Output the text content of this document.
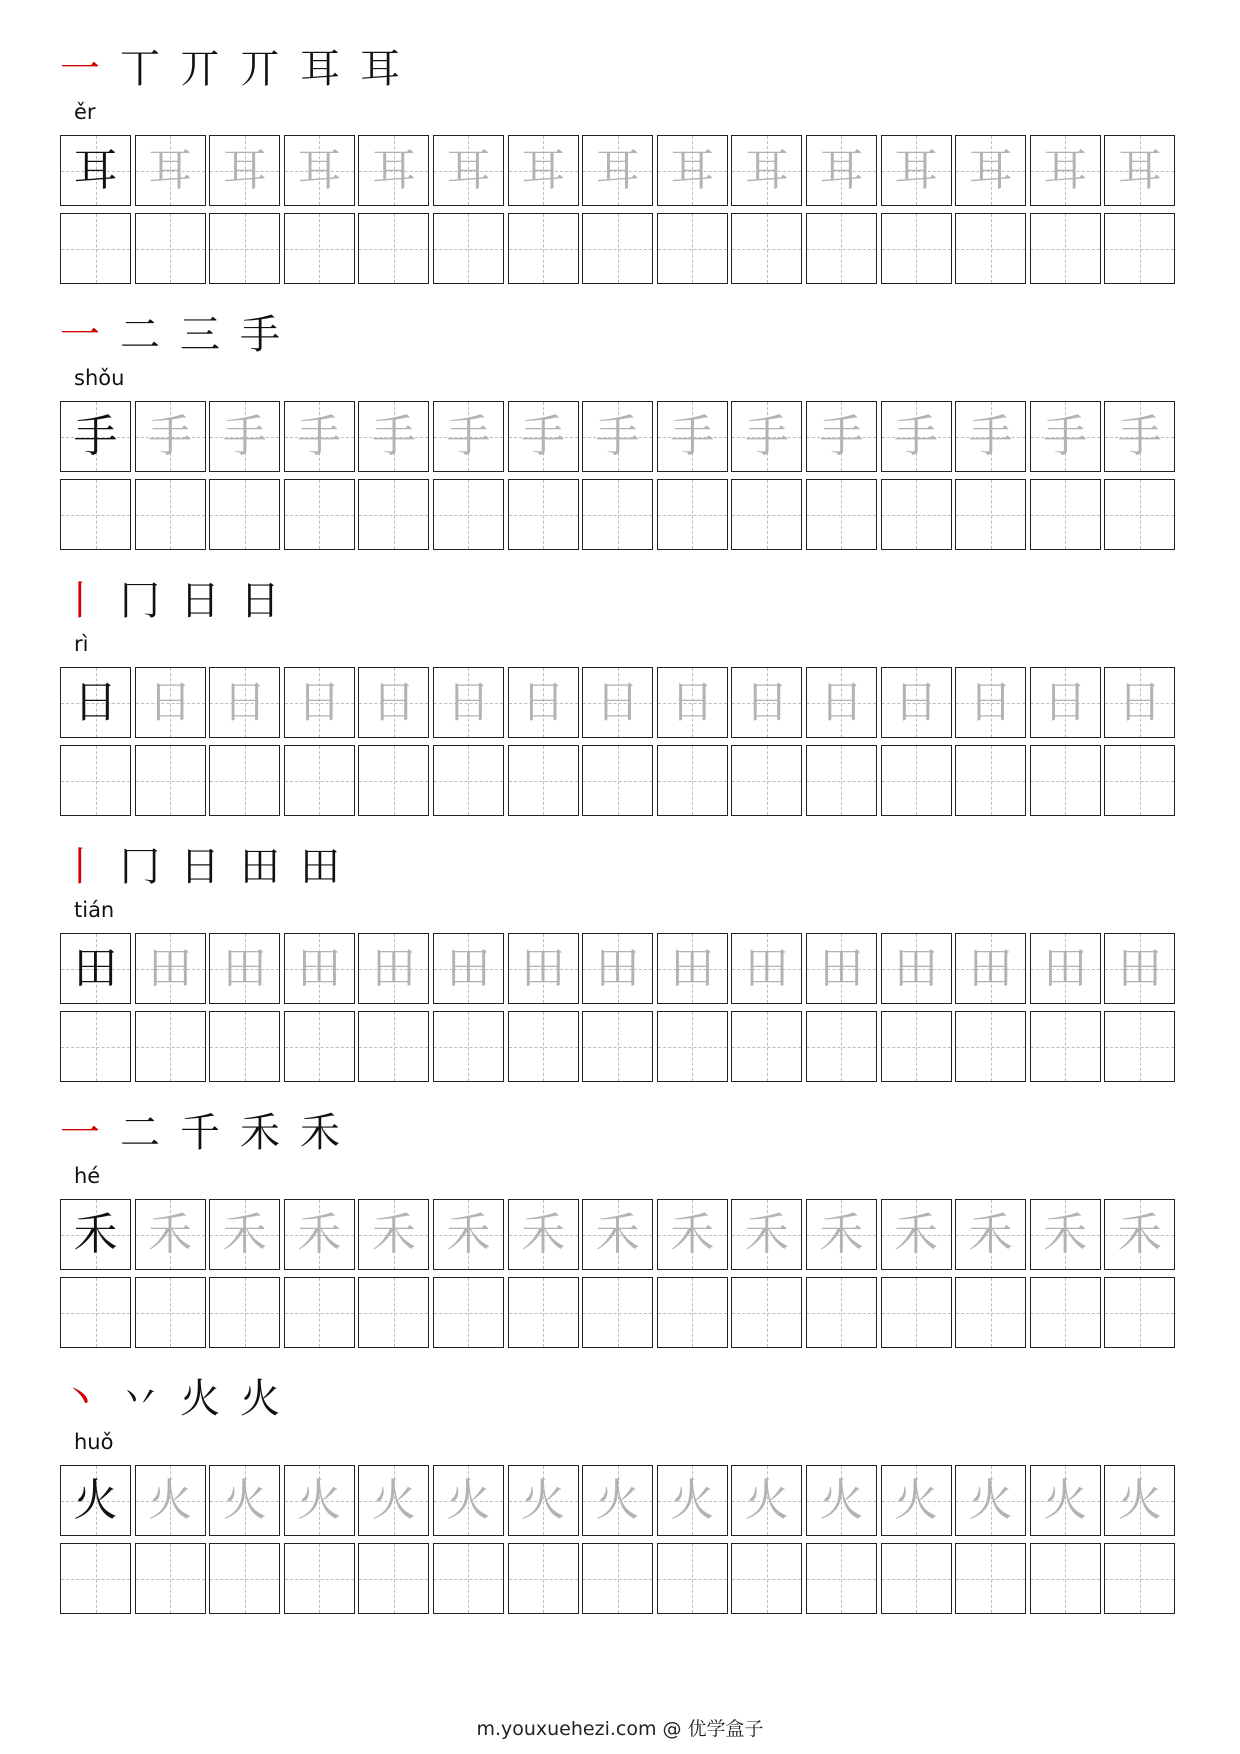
一 丅 丌 丌 耳 耳
ěr
耳 耳 耳 耳 耳 耳 耳 耳 耳 耳 耳 耳 耳 耳 耳
一 二 三 手
shǒu
手 手 手 手 手 手 手 手 手 手 手 手 手 手 手
丨 冂 日 日
rì
日 日 日 日 日 日 日 日 日 日 日 日 日 日 日
丨 冂 日 田 田
tián
田 田 田 田 田 田 田 田 田 田 田 田 田 田 田
一 二 千 禾 禾
hé
禾 禾 禾 禾 禾 禾 禾 禾 禾 禾 禾 禾 禾 禾 禾
丶 丷 火 火
huǒ
火 火 火 火 火 火 火 火 火 火 火 火 火 火 火
m.youxuehezi.com @ 优学盒子
